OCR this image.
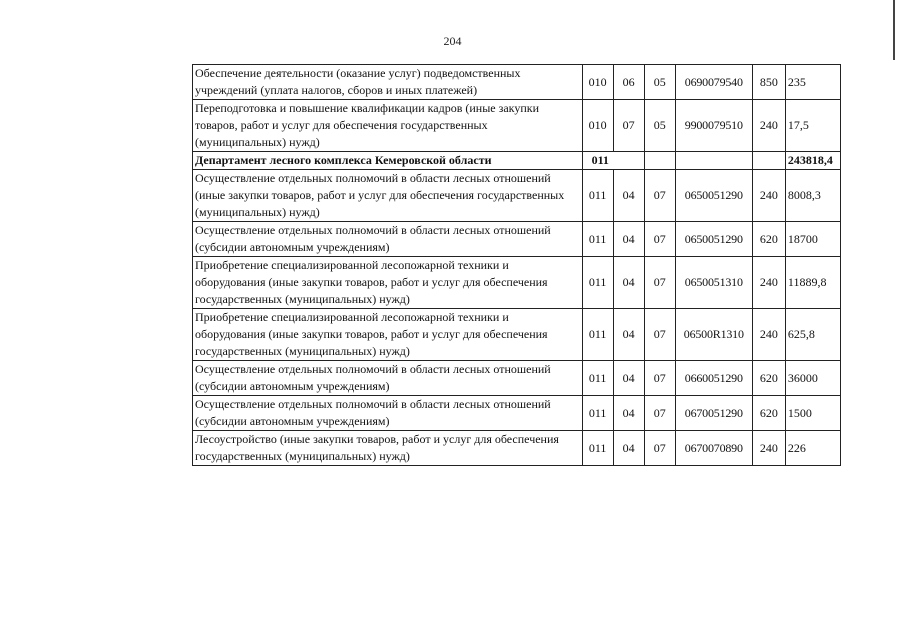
204
Обеспечение деятельности (оказание услуг) подведомственных учреждений (уплата налогов, сборов и иных платежей)	010	06	05	0690079540	850	235
Переподготовка и повышение квалификации кадров (иные закупки товаров, работ и услуг для обеспечения государственных (муниципальных) нужд)	010	07	05	9900079510	240	17,5
Департамент лесного комплекса Кемеровской области	011					243818,4
Осуществление отдельных полномочий в области лесных отношений (иные закупки товаров, работ и услуг для обеспечения государственных (муниципальных) нужд)	011	04	07	0650051290	240	8008,3
Осуществление отдельных полномочий в области лесных отношений (субсидии автономным учреждениям)	011	04	07	0650051290	620	18700
Приобретение специализированной лесопожарной техники и оборудования (иные закупки товаров, работ и услуг для обеспечения государственных (муниципальных) нужд)	011	04	07	0650051310	240	11889,8
Приобретение специализированной лесопожарной техники и оборудования (иные закупки товаров, работ и услуг для обеспечения государственных (муниципальных) нужд)	011	04	07	06500R1310	240	625,8
Осуществление отдельных полномочий в области лесных отношений (субсидии автономным учреждениям)	011	04	07	0660051290	620	36000
Осуществление отдельных полномочий в области лесных отношений (субсидии автономным учреждениям)	011	04	07	0670051290	620	1500
Лесоустройство (иные закупки товаров, работ и услуг для обеспечения государственных (муниципальных) нужд)	011	04	07	0670070890	240	226
